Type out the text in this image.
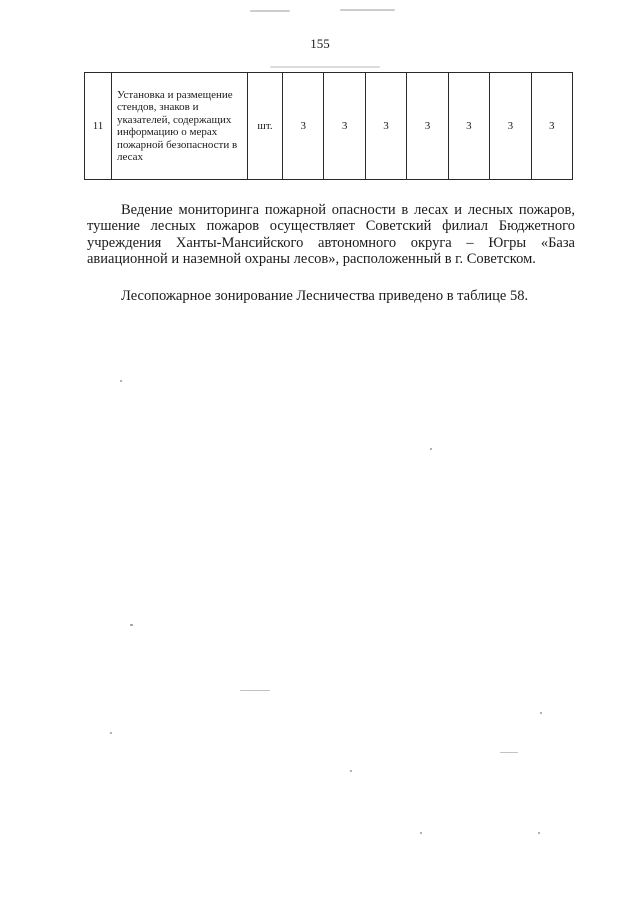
155
11	Установка и размещение стендов, знаков и указателей, содержащих информацию о мерах пожарной безопасности в лесах	шт.	3	3	3	3	3	3	3

Ведение мониторинга пожарной опасности в лесах и лесных пожаров, тушение лесных пожаров осуществляет Советский филиал Бюджетного учреждения Ханты-Мансийского автономного округа – Югры «База авиационной и наземной охраны лесов», расположенный в г. Советском.

Лесопожарное зонирование Лесничества приведено в таблице 58.
